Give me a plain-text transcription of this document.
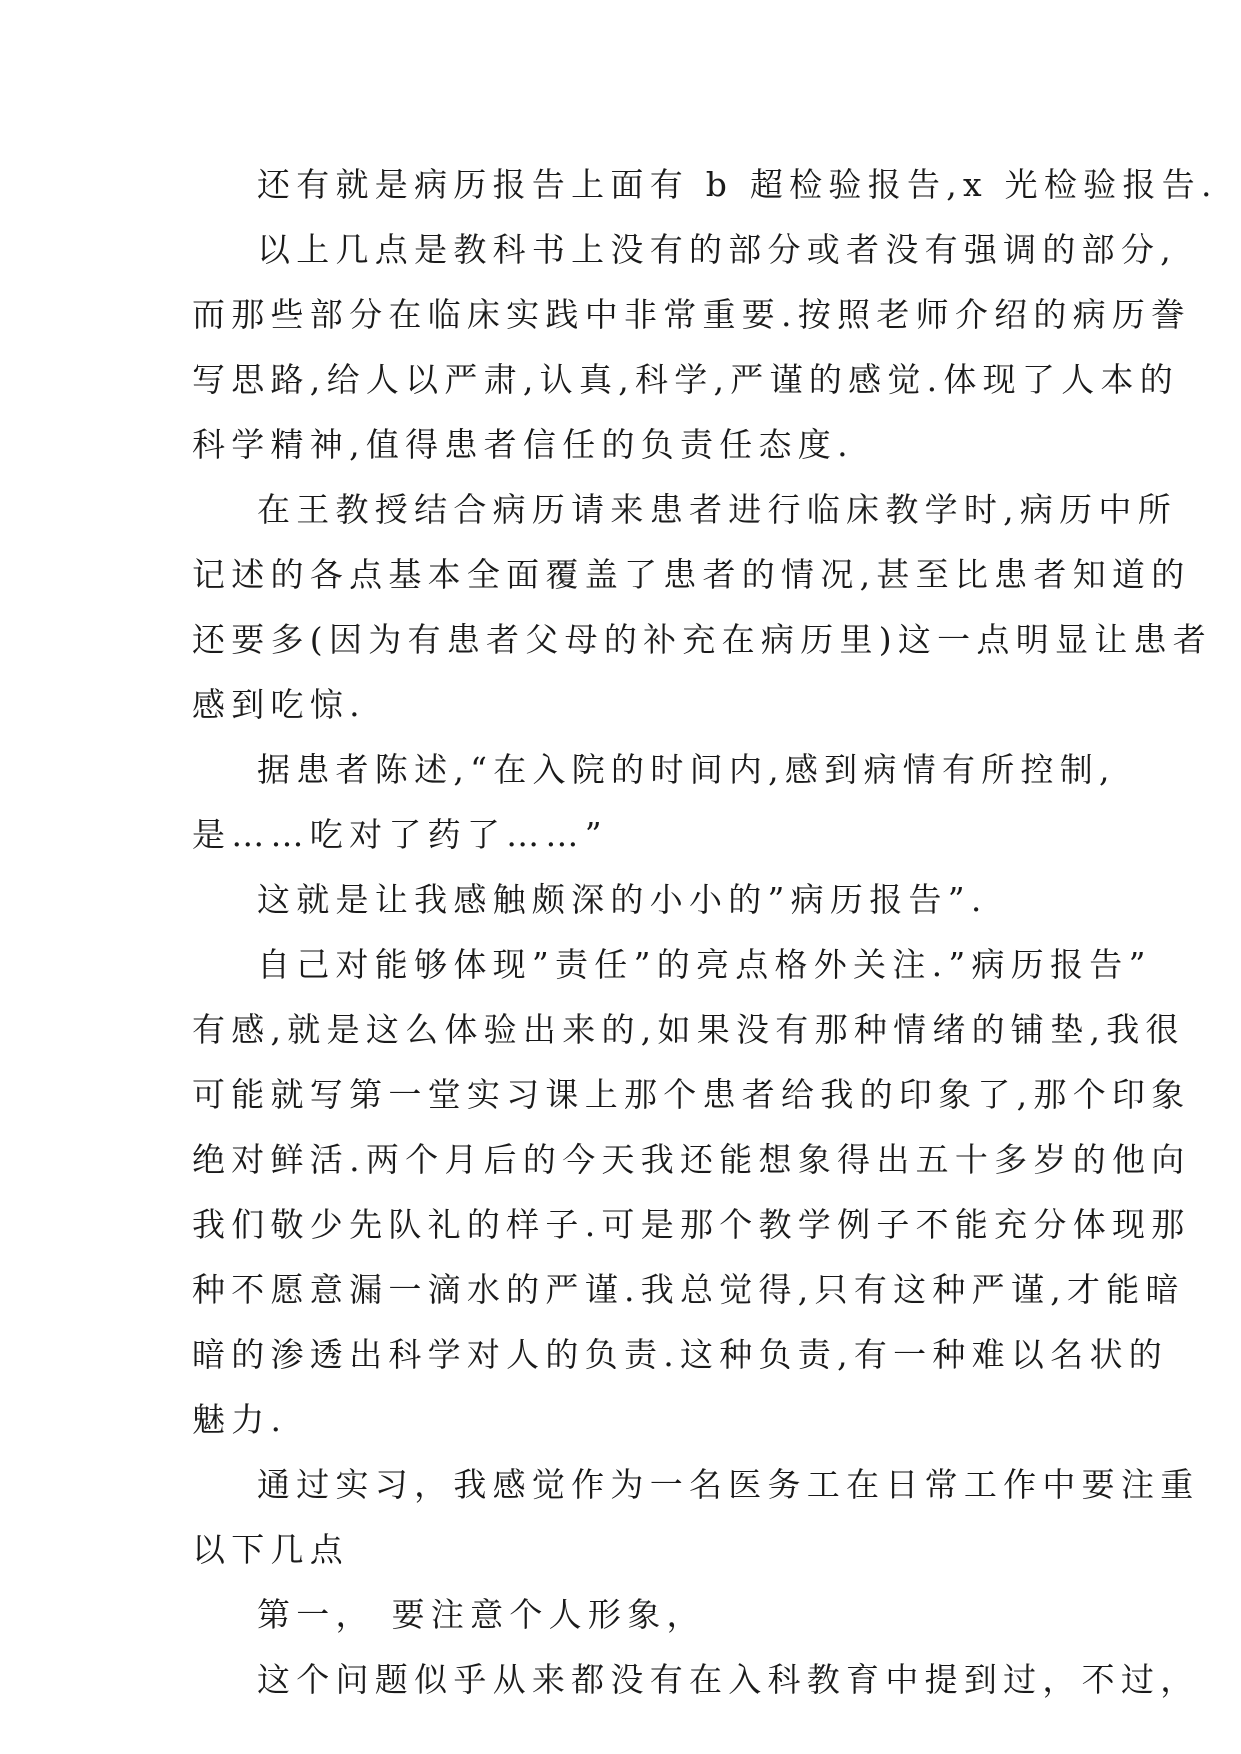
还有就是病历报告上面有 b 超检验报告,x 光检验报告.
以上几点是教科书上没有的部分或者没有强调的部分,
而那些部分在临床实践中非常重要.按照老师介绍的病历誊
写思路,给人以严肃,认真,科学,严谨的感觉.体现了人本的
科学精神,值得患者信任的负责任态度.
在王教授结合病历请来患者进行临床教学时,病历中所
记述的各点基本全面覆盖了患者的情况,甚至比患者知道的
还要多(因为有患者父母的补充在病历里)这一点明显让患者
感到吃惊.
据患者陈述,“在入院的时间内,感到病情有所控制,
是……吃对了药了……”
这就是让我感触颇深的小小的”病历报告”.
自己对能够体现”责任”的亮点格外关注.”病历报告”
有感,就是这么体验出来的,如果没有那种情绪的铺垫,我很
可能就写第一堂实习课上那个患者给我的印象了,那个印象
绝对鲜活.两个月后的今天我还能想象得出五十多岁的他向
我们敬少先队礼的样子.可是那个教学例子不能充分体现那
种不愿意漏一滴水的严谨.我总觉得,只有这种严谨,才能暗
暗的渗透出科学对人的负责.这种负责,有一种难以名状的
魅力.
通过实习，我感觉作为一名医务工在日常工作中要注重
以下几点
第一， 要注意个人形象，
这个问题似乎从来都没有在入科教育中提到过，不过，
